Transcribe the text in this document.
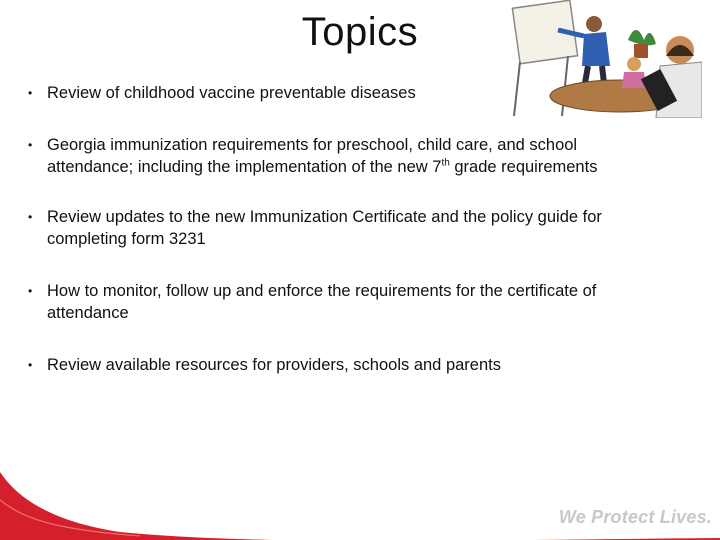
Topics
• Review of childhood vaccine preventable diseases
• Georgia immunization requirements for preschool, child care, and school attendance; including the implementation of the new 7th grade requirements
• Review updates to the new Immunization Certificate and the policy guide for completing form 3231
• How to monitor, follow up and enforce the requirements for the certificate of attendance
• Review available resources for providers, schools and parents
We Protect Lives.
